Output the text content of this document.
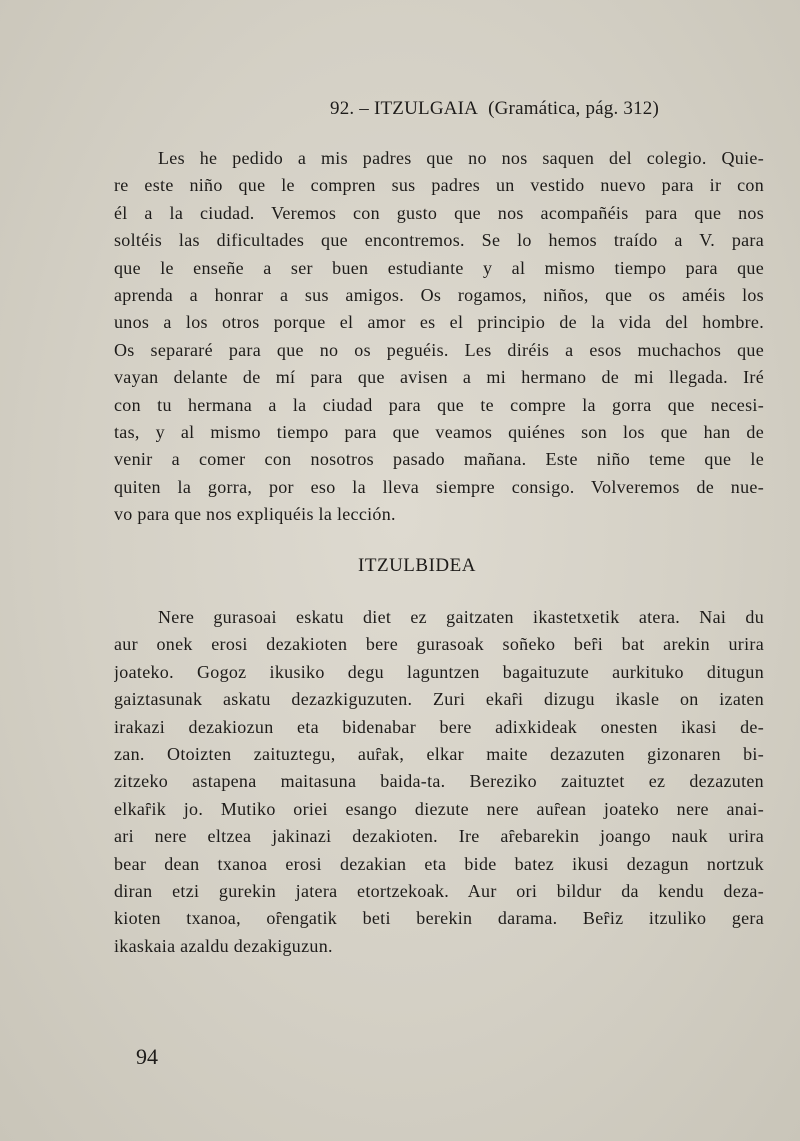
92. – ITZULGAIA (Gramática, pág. 312)
Les he pedido a mis padres que no nos saquen del colegio. Quie-
re este niño que le compren sus padres un vestido nuevo para ir con
él a la ciudad. Veremos con gusto que nos acompañéis para que nos
soltéis las dificultades que encontremos. Se lo hemos traído a V. para
que le enseñe a ser buen estudiante y al mismo tiempo para que
aprenda a honrar a sus amigos. Os rogamos, niños, que os améis los
unos a los otros porque el amor es el principio de la vida del hombre.
Os separaré para que no os peguéis. Les diréis a esos muchachos que
vayan delante de mí para que avisen a mi hermano de mi llegada. Iré
con tu hermana a la ciudad para que te compre la gorra que necesi-
tas, y al mismo tiempo para que veamos quiénes son los que han de
venir a comer con nosotros pasado mañana. Este niño teme que le
quiten la gorra, por eso la lleva siempre consigo. Volveremos de nue-
vo para que nos expliquéis la lección.
ITZULBIDEA
Nere gurasoai eskatu diet ez gaitzaten ikastetxetik atera. Nai du
aur onek erosi dezakioten bere gurasoak soñeko beȓi bat arekin urira
joateko. Gogoz ikusiko degu laguntzen bagaituzute aurkituko ditugun
gaiztasunak askatu dezazkiguzuten. Zuri ekaȓi dizugu ikasle on izaten
irakazi dezakiozun eta bidenabar bere adixkideak onesten ikasi de-
zan. Otoizten zaituztegu, auȓak, elkar maite dezazuten gizonaren bi-
zitzeko astapena maitasuna baida-ta. Bereziko zaituztet ez dezazuten
elkaȓik jo. Mutiko oriei esango diezute nere auȓean joateko nere anai-
ari nere eltzea jakinazi dezakioten. Ire aȓebarekin joango nauk urira
bear dean txanoa erosi dezakian eta bide batez ikusi dezagun nortzuk
diran etzi gurekin jatera etortzekoak. Aur ori bildur da kendu deza-
kioten txanoa, oȓengatik beti berekin darama. Beȓiz itzuliko gera
ikaskaia azaldu dezakiguzun.
94
